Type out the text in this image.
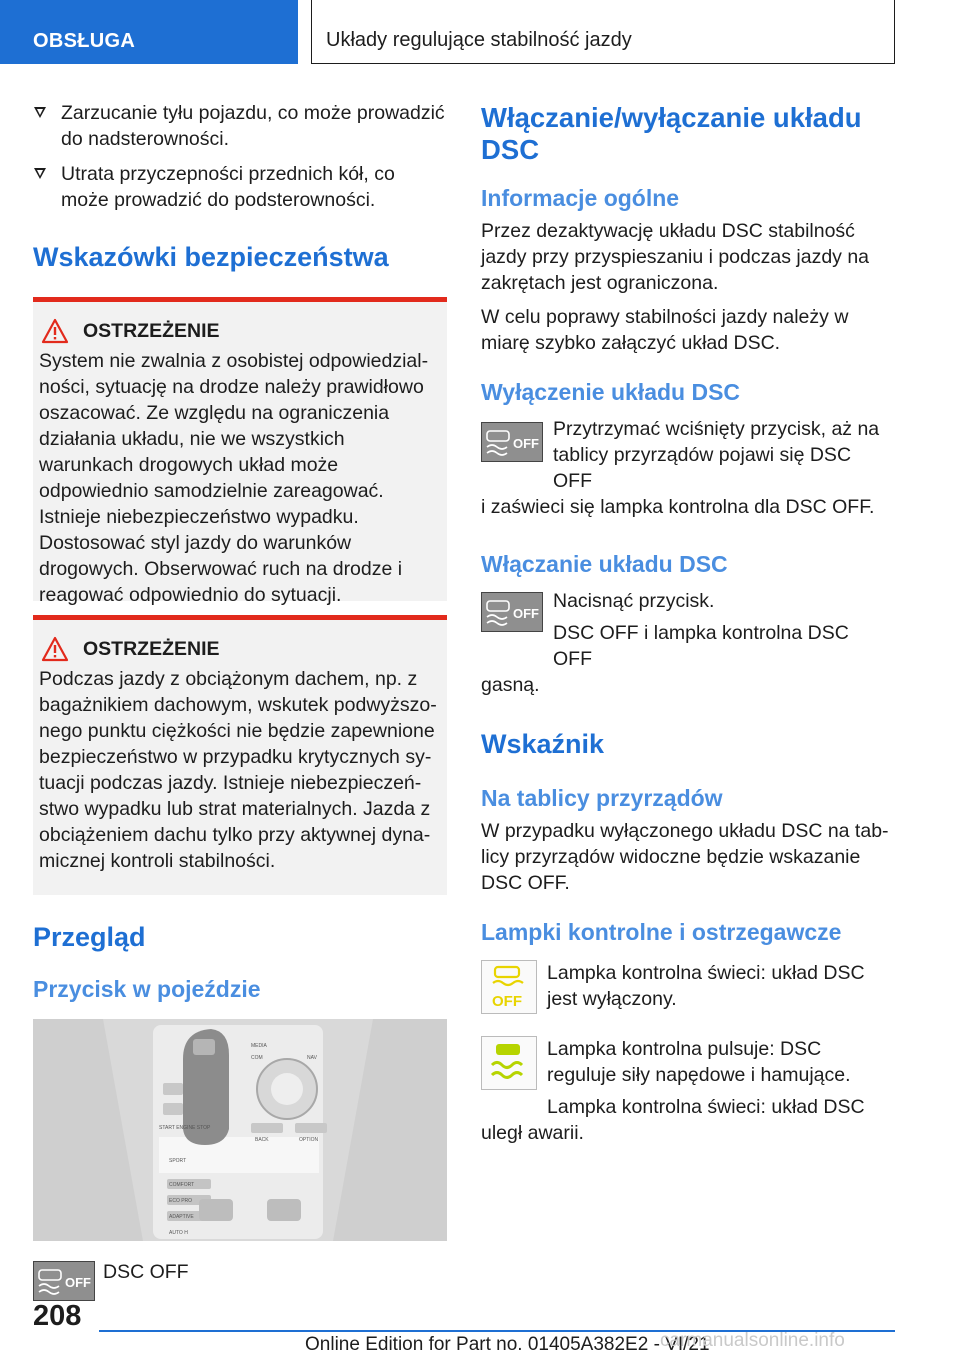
OBSŁUGA	Układy regulujące stabilność jazdy
Zarzucanie tyłu pojazdu, co może prowadzić do nadsterowności.
Utrata przyczepności przednich kół, co może prowadzić do podsterowności.
Wskazówki bezpieczeństwa
OSTRZEŻENIE

System nie zwalnia z osobistej odpowiedzialności, sytuację na drodze należy prawidłowo oszacować. Ze względu na ograniczenia działania układu, nie we wszystkich warunkach drogowych układ może odpowiednio samodzielnie zareagować. Istnieje niebezpieczeństwo wypadku. Dostosować styl jazdy do warunków drogowych. Obserwować ruch na drodze i reagować odpowiednio do sytuacji.

OSTRZEŻENIE

Podczas jazdy z obciążonym dachem, np. z bagażnikiem dachowym, wskutek podwyższonego punktu ciężkości nie będzie zapewnione bezpieczeństwo w przypadku krytycznych sytuacji podczas jazdy. Istnieje niebezpieczeństwo wypadku lub strat materialnych. Jazda z obciążeniem dachu tylko przy aktywnej dynamicznej kontroli stabilności.

Przegląd
Przycisk w pojeździe
MEDIA
COM	NAV
START ENGINE STOP
SPORT
COMFORT
ECO PRO
ADAPTIVE
AUTO H
BACK	OPTION
OFF DSC OFF

Włączanie/wyłączanie układu DSC
Informacje ogólne

Przez dezaktywację układu DSC stabilność jazdy przy przyspieszaniu i podczas jazdy na zakrętach jest ograniczona.

W celu poprawy stabilności jazdy należy w miarę szybko załączyć układ DSC.

Wyłączenie układu DSC
OFF

Przytrzymać wciśnięty przycisk, aż na tablicy przyrządów pojawi się DSC OFF

i zaświeci się lampka kontrolna dla DSC OFF.

Włączanie układu DSC
OFF

Nacisnąć przycisk.

DSC OFF i lampka kontrolna DSC OFF

gasną.

Wskaźnik
Na tablicy przyrządów

W przypadku wyłączonego układu DSC na tablicy przyrządów widoczne będzie wskazanie DSC OFF.

Lampki kontrolne i ostrzegawcze
OFF

Lampka kontrolna świeci: układ DSC jest wyłączony.

Lampka kontrolna pulsuje: DSC reguluje siły napędowe i hamujące.

Lampka kontrolna świeci: układ DSC

uległ awarii.

208
Online Edition for Part no. 01405A382E2 - VI/21
carmanualsonline.info
